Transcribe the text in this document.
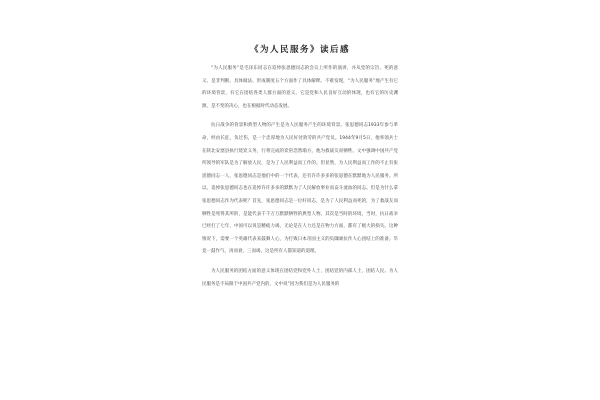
《为人民服务》读后感

“为人民服务”是毛泽东同志在追悼张思德同志的会议上所作的演讲，并从党的宗旨、死的意义、是非判断、具体做法、形成制度五个方面作了具体解释。不难发现，“为人民服务”地产生有它的环境背景，有它在团结各类人群方面的意义，它是党和人民良好互动的体现，也有它的历史渊源，是不变的决心，也在根据时代动态发展。

抗日战争的背景和典型人物的产生是为人民服务产生的环境背景。张思德同志1933年参与革命，经由长征，负过伤，是一个忠厚地为人民好处效劳的共产党员。1944年9月5日，他率领兵士在陕北安塞县执行烧炭义务，行将完成的炭窑忽然塌方，他为救战友而牺牲。文中强调中国共产党所领导的军队是为了解放人民，是为了人民利益而工作的。但显然，为人民利益而工作的不止有张思德同志一人，张思德同志是他们中的一个代表，还有许许多多的张思德在默默地为人民服务。所以，追悼张思德同志也在追悼许许多多的默默为了人民解放事业而奋斗流血的同志。但是为什么拿张思德同志作为代表呢？首先，张思德同志是一位好同志，是为了人民利益而死的，为了救战友而牺牲是死得其所的，是能代表千千万万默默牺牲的典型人物。其次是当时的环境，当时，抗日战争已经打了七年，中国可以说是精疲力竭，无论是在人力还是在物力方面，都有了极大的损失。这种情况下，需要一个英雄代表来鼓舞人心，为打败日本帝国主义的负隅顽抗作人心团结上的准备。毕竟一鼓作气，再而衰，三而竭，这是所有人都知道的道理。

为人民服务的团结方面的意义体现在团结党和党外人士，团结党的内部人士，团结人民。为人民服务是不局限于中国共产党内的，文中说“因为我们是为人民服务的
